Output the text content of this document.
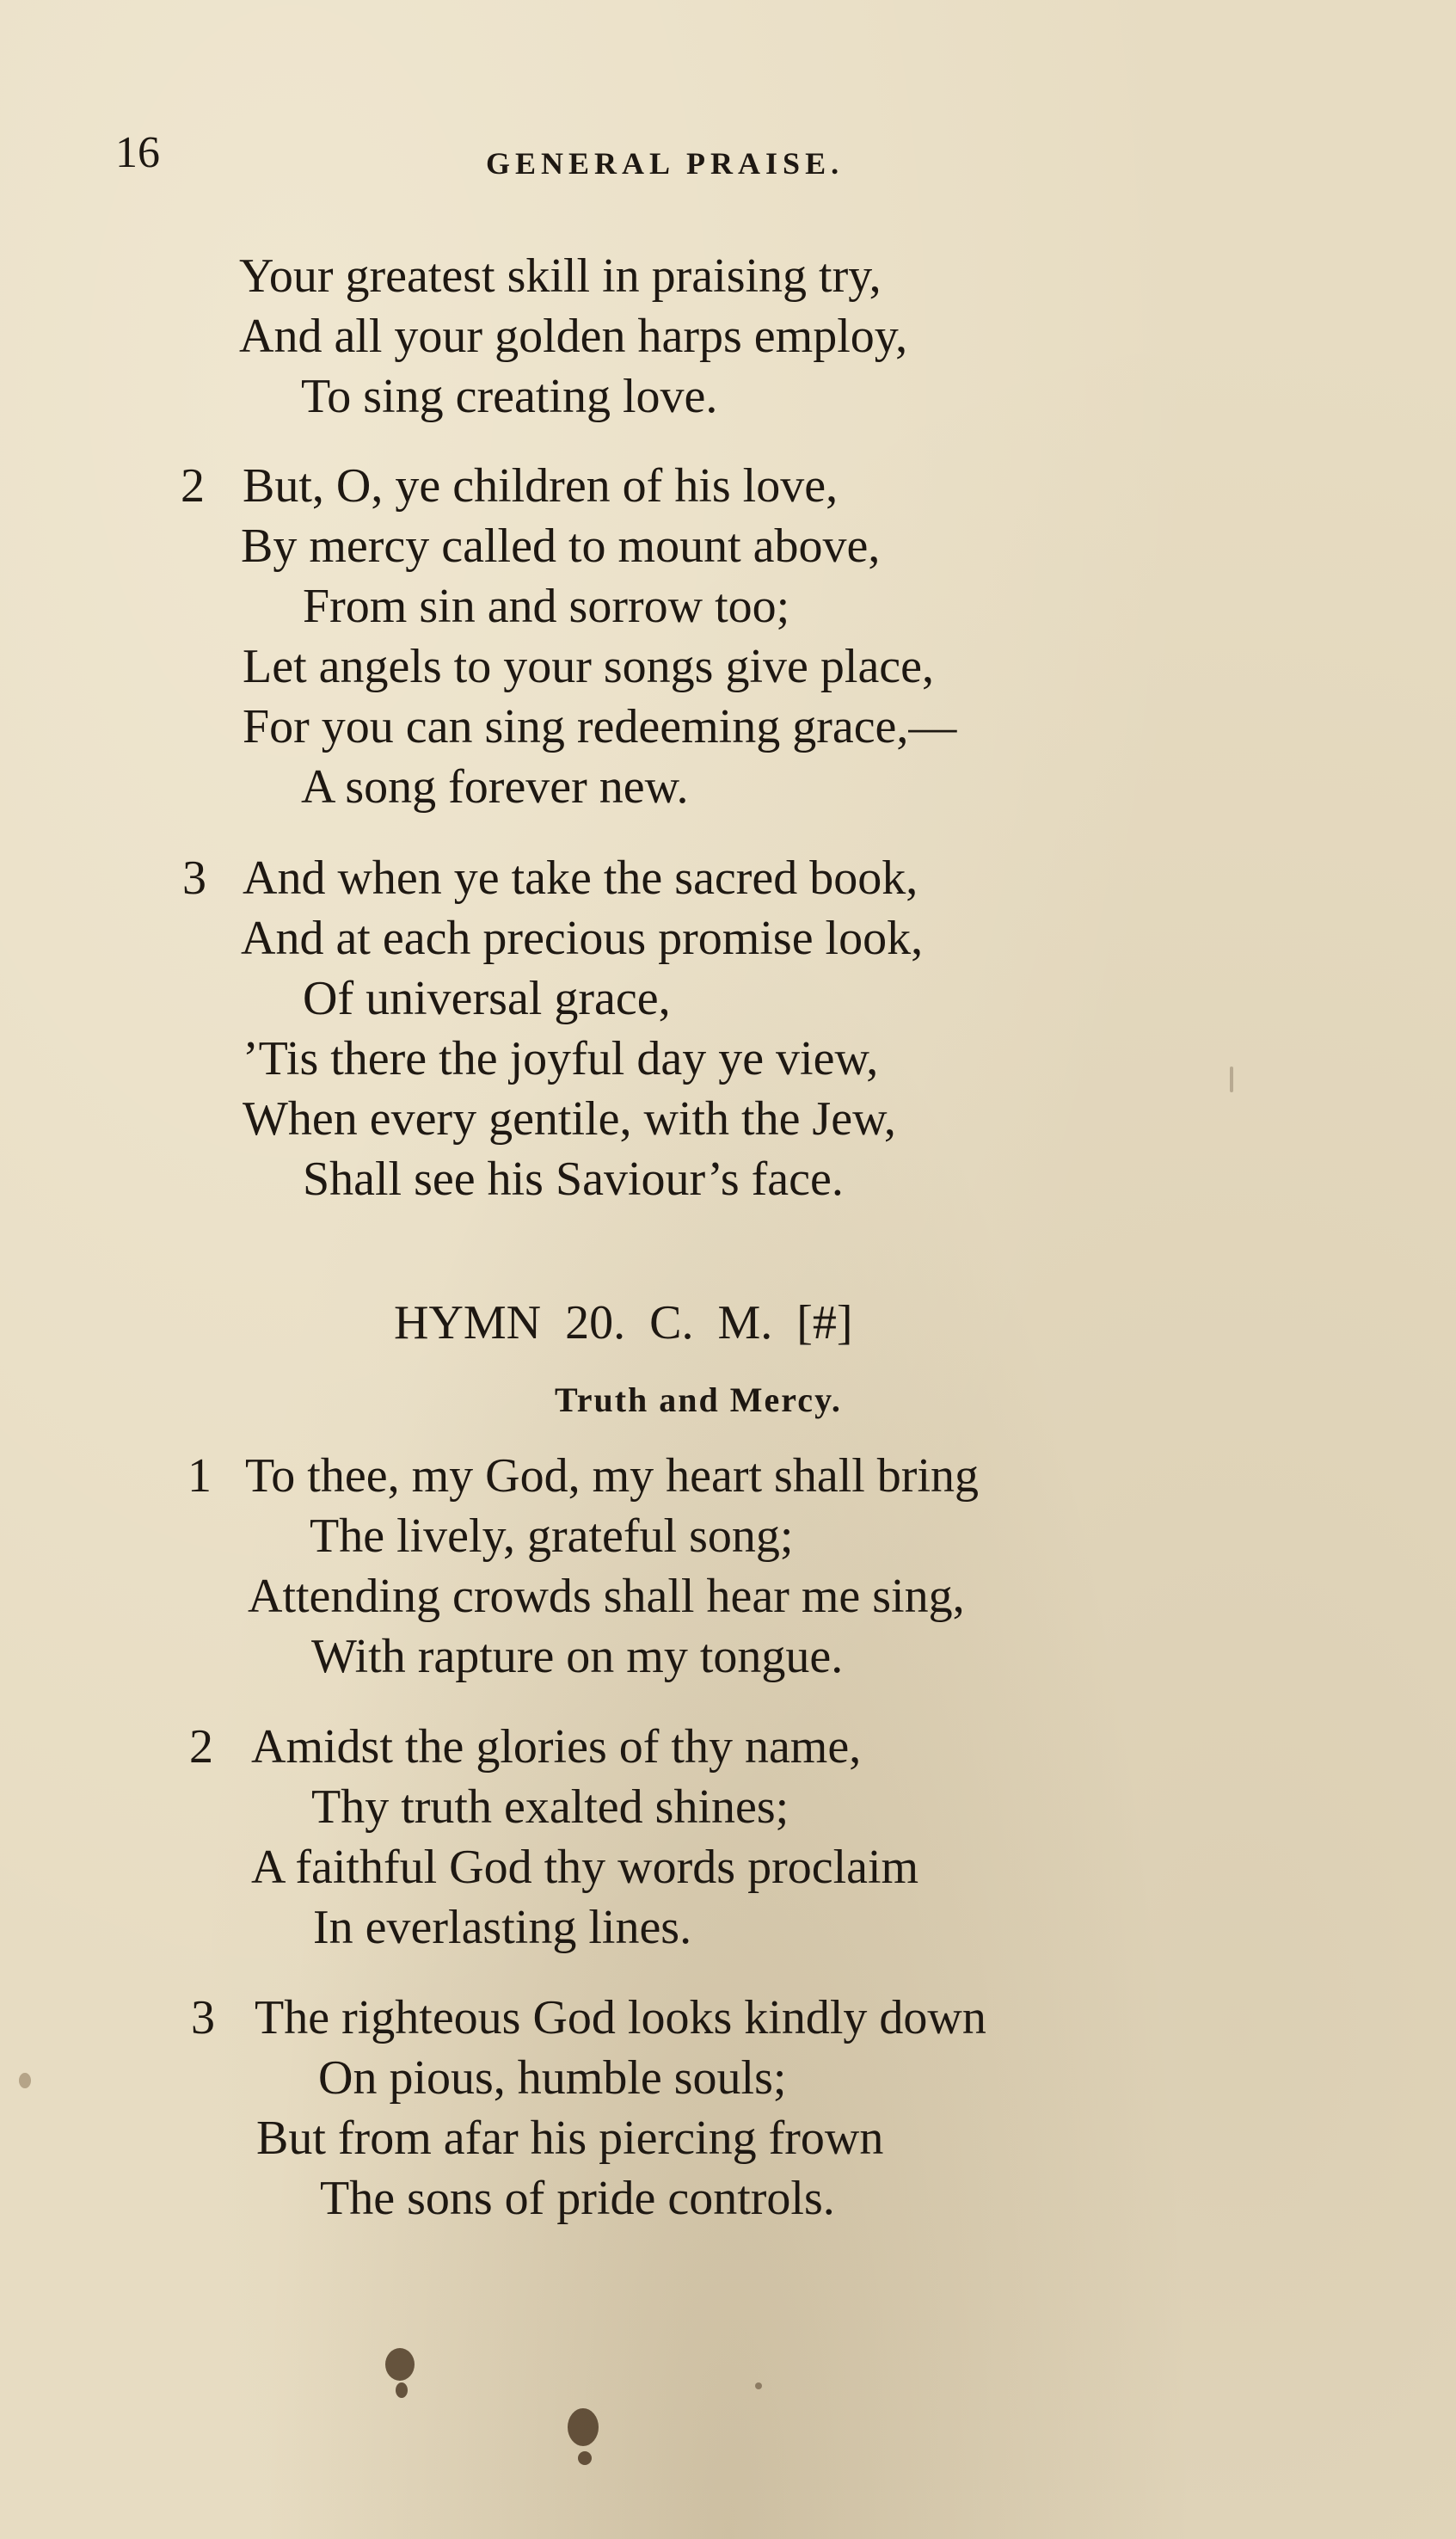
16	GENERAL PRAISE.
Your greatest skill in praising try,
And all your golden harps employ,
To sing creating love.
2 But, O, ye children of his love,
By mercy called to mount above,
From sin and sorrow too;
Let angels to your songs give place,
For you can sing redeeming grace,—
A song forever new.
3 And when ye take the sacred book,
And at each precious promise look,
Of universal grace,
’Tis there the joyful day ye view,
When every gentile, with the Jew,
Shall see his Saviour’s face.
HYMN 20. C. M. [#]
Truth and Mercy.
1 To thee, my God, my heart shall bring
The lively, grateful song;
Attending crowds shall hear me sing,
With rapture on my tongue.
2 Amidst the glories of thy name,
Thy truth exalted shines;
A faithful God thy words proclaim
In everlasting lines.
3 The righteous God looks kindly down
On pious, humble souls;
But from afar his piercing frown
The sons of pride controls.
